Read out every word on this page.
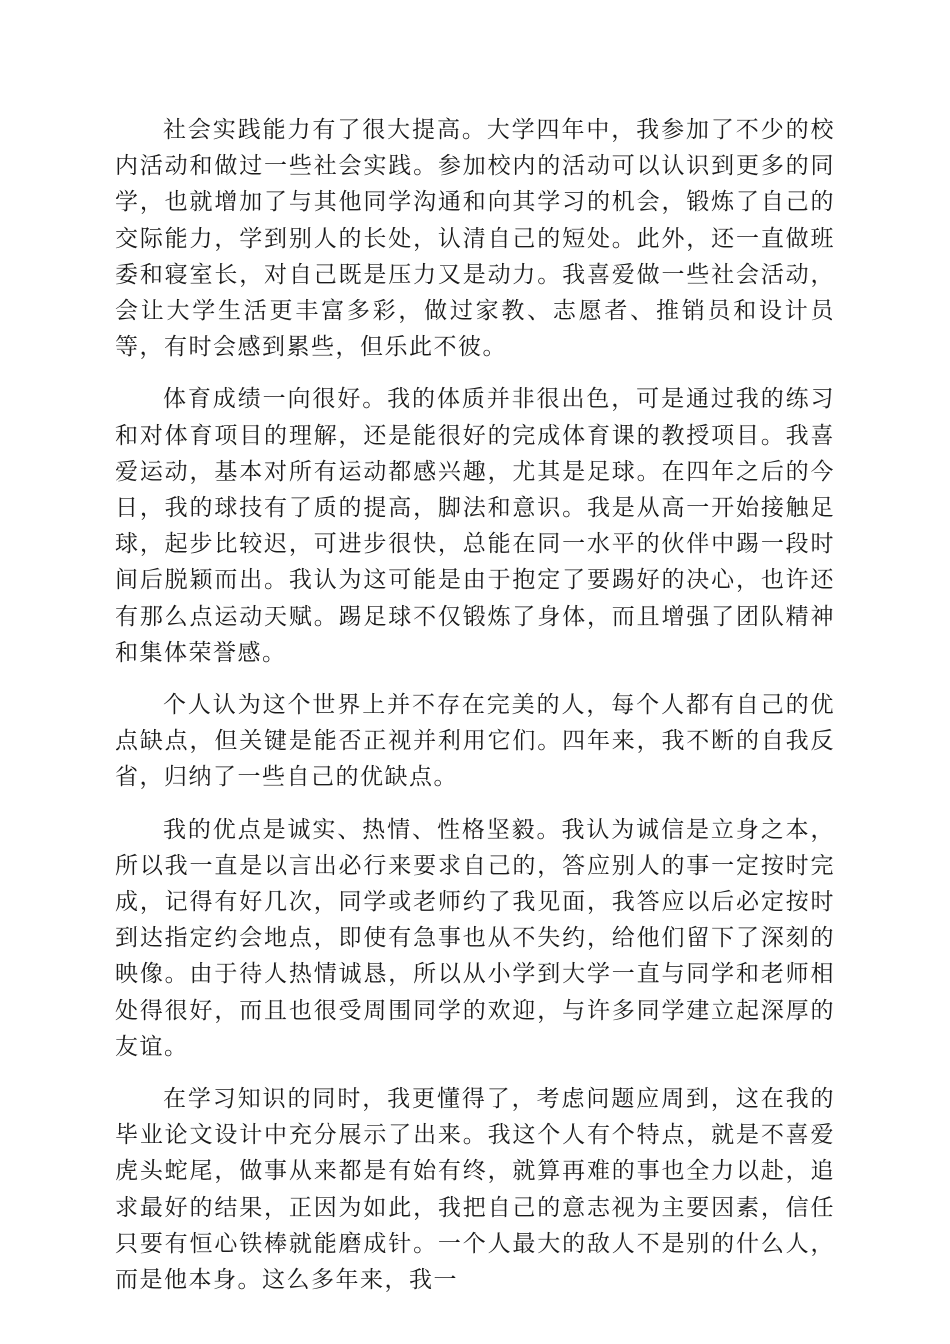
社会实践能力有了很大提高。大学四年中，我参加了不少的校内活动和做过一些社会实践。参加校内的活动可以认识到更多的同学，也就增加了与其他同学沟通和向其学习的机会，锻炼了自己的交际能力，学到别人的长处，认清自己的短处。此外，还一直做班委和寝室长，对自己既是压力又是动力。我喜爱做一些社会活动，会让大学生活更丰富多彩，做过家教、志愿者、推销员和设计员等，有时会感到累些，但乐此不彼。

体育成绩一向很好。我的体质并非很出色，可是通过我的练习和对体育项目的理解，还是能很好的完成体育课的教授项目。我喜爱运动，基本对所有运动都感兴趣，尤其是足球。在四年之后的今日，我的球技有了质的提高，脚法和意识。我是从高一开始接触足球，起步比较迟，可进步很快，总能在同一水平的伙伴中踢一段时间后脱颖而出。我认为这可能是由于抱定了要踢好的决心，也许还有那么点运动天赋。踢足球不仅锻炼了身体，而且增强了团队精神和集体荣誉感。

个人认为这个世界上并不存在完美的人，每个人都有自己的优点缺点，但关键是能否正视并利用它们。四年来，我不断的自我反省，归纳了一些自己的优缺点。

我的优点是诚实、热情、性格坚毅。我认为诚信是立身之本，所以我一直是以言出必行来要求自己的，答应别人的事一定按时完成，记得有好几次，同学或老师约了我见面，我答应以后必定按时到达指定约会地点，即使有急事也从不失约，给他们留下了深刻的映像。由于待人热情诚恳，所以从小学到大学一直与同学和老师相处得很好，而且也很受周围同学的欢迎，与许多同学建立起深厚的友谊。

在学习知识的同时，我更懂得了，考虑问题应周到，这在我的毕业论文设计中充分展示了出来。我这个人有个特点，就是不喜爱虎头蛇尾，做事从来都是有始有终，就算再难的事也全力以赴，追求最好的结果，正因为如此，我把自己的意志视为主要因素，信任只要有恒心铁棒就能磨成针。一个人最大的敌人不是别的什么人，而是他本身。这么多年来，我一
